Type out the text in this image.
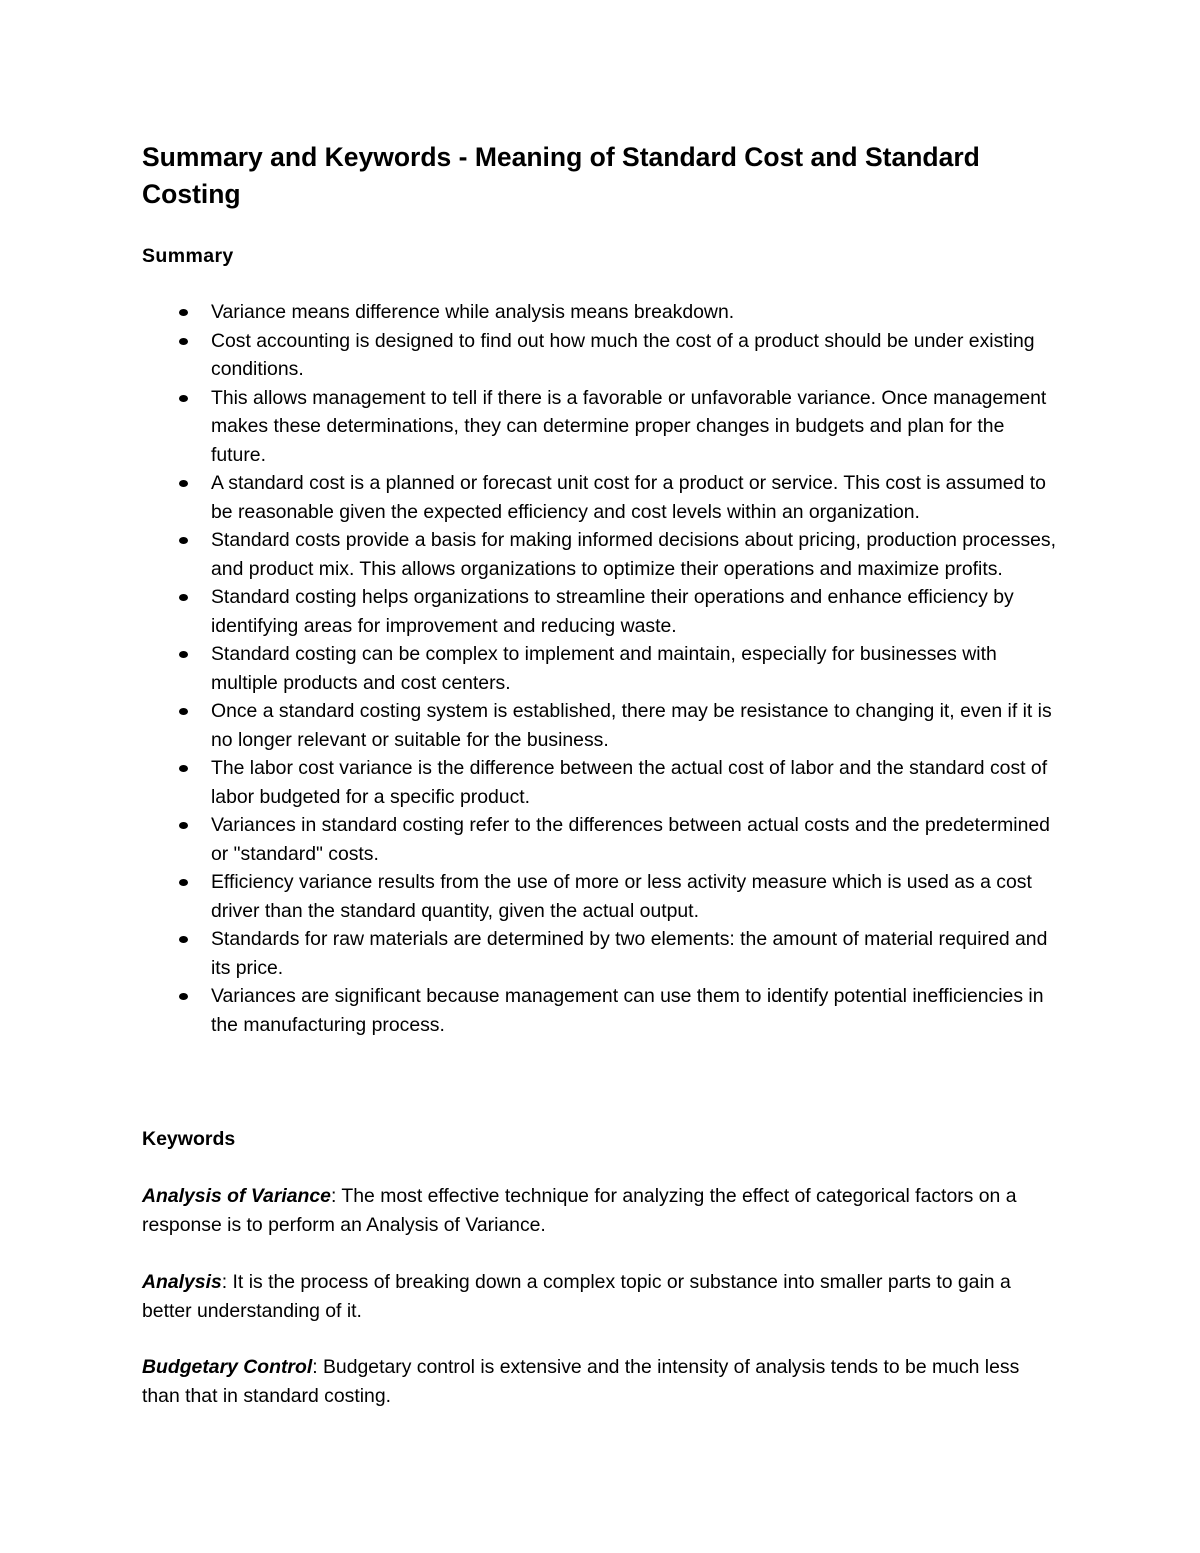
Summary and Keywords - Meaning of Standard Cost and Standard Costing
Summary
Variance means difference while analysis means breakdown.
Cost accounting is designed to find out how much the cost of a product should be under existing conditions.
This allows management to tell if there is a favorable or unfavorable variance. Once management makes these determinations, they can determine proper changes in budgets and plan for the future.
A standard cost is a planned or forecast unit cost for a product or service. This cost is assumed to be reasonable given the expected efficiency and cost levels within an organization.
Standard costs provide a basis for making informed decisions about pricing, production processes, and product mix. This allows organizations to optimize their operations and maximize profits.
Standard costing helps organizations to streamline their operations and enhance efficiency by identifying areas for improvement and reducing waste.
Standard costing can be complex to implement and maintain, especially for businesses with multiple products and cost centers.
Once a standard costing system is established, there may be resistance to changing it, even if it is no longer relevant or suitable for the business.
The labor cost variance is the difference between the actual cost of labor and the standard cost of labor budgeted for a specific product.
Variances in standard costing refer to the differences between actual costs and the predetermined or "standard" costs.
Efficiency variance results from the use of more or less activity measure which is used as a cost driver than the standard quantity, given the actual output.
Standards for raw materials are determined by two elements: the amount of material required and its price.
Variances are significant because management can use them to identify potential inefficiencies in the manufacturing process.
Keywords

Analysis of Variance: The most effective technique for analyzing the effect of categorical factors on a response is to perform an Analysis of Variance.

Analysis: It is the process of breaking down a complex topic or substance into smaller parts to gain a better understanding of it.

Budgetary Control: Budgetary control is extensive and the intensity of analysis tends to be much less than that in standard costing.
